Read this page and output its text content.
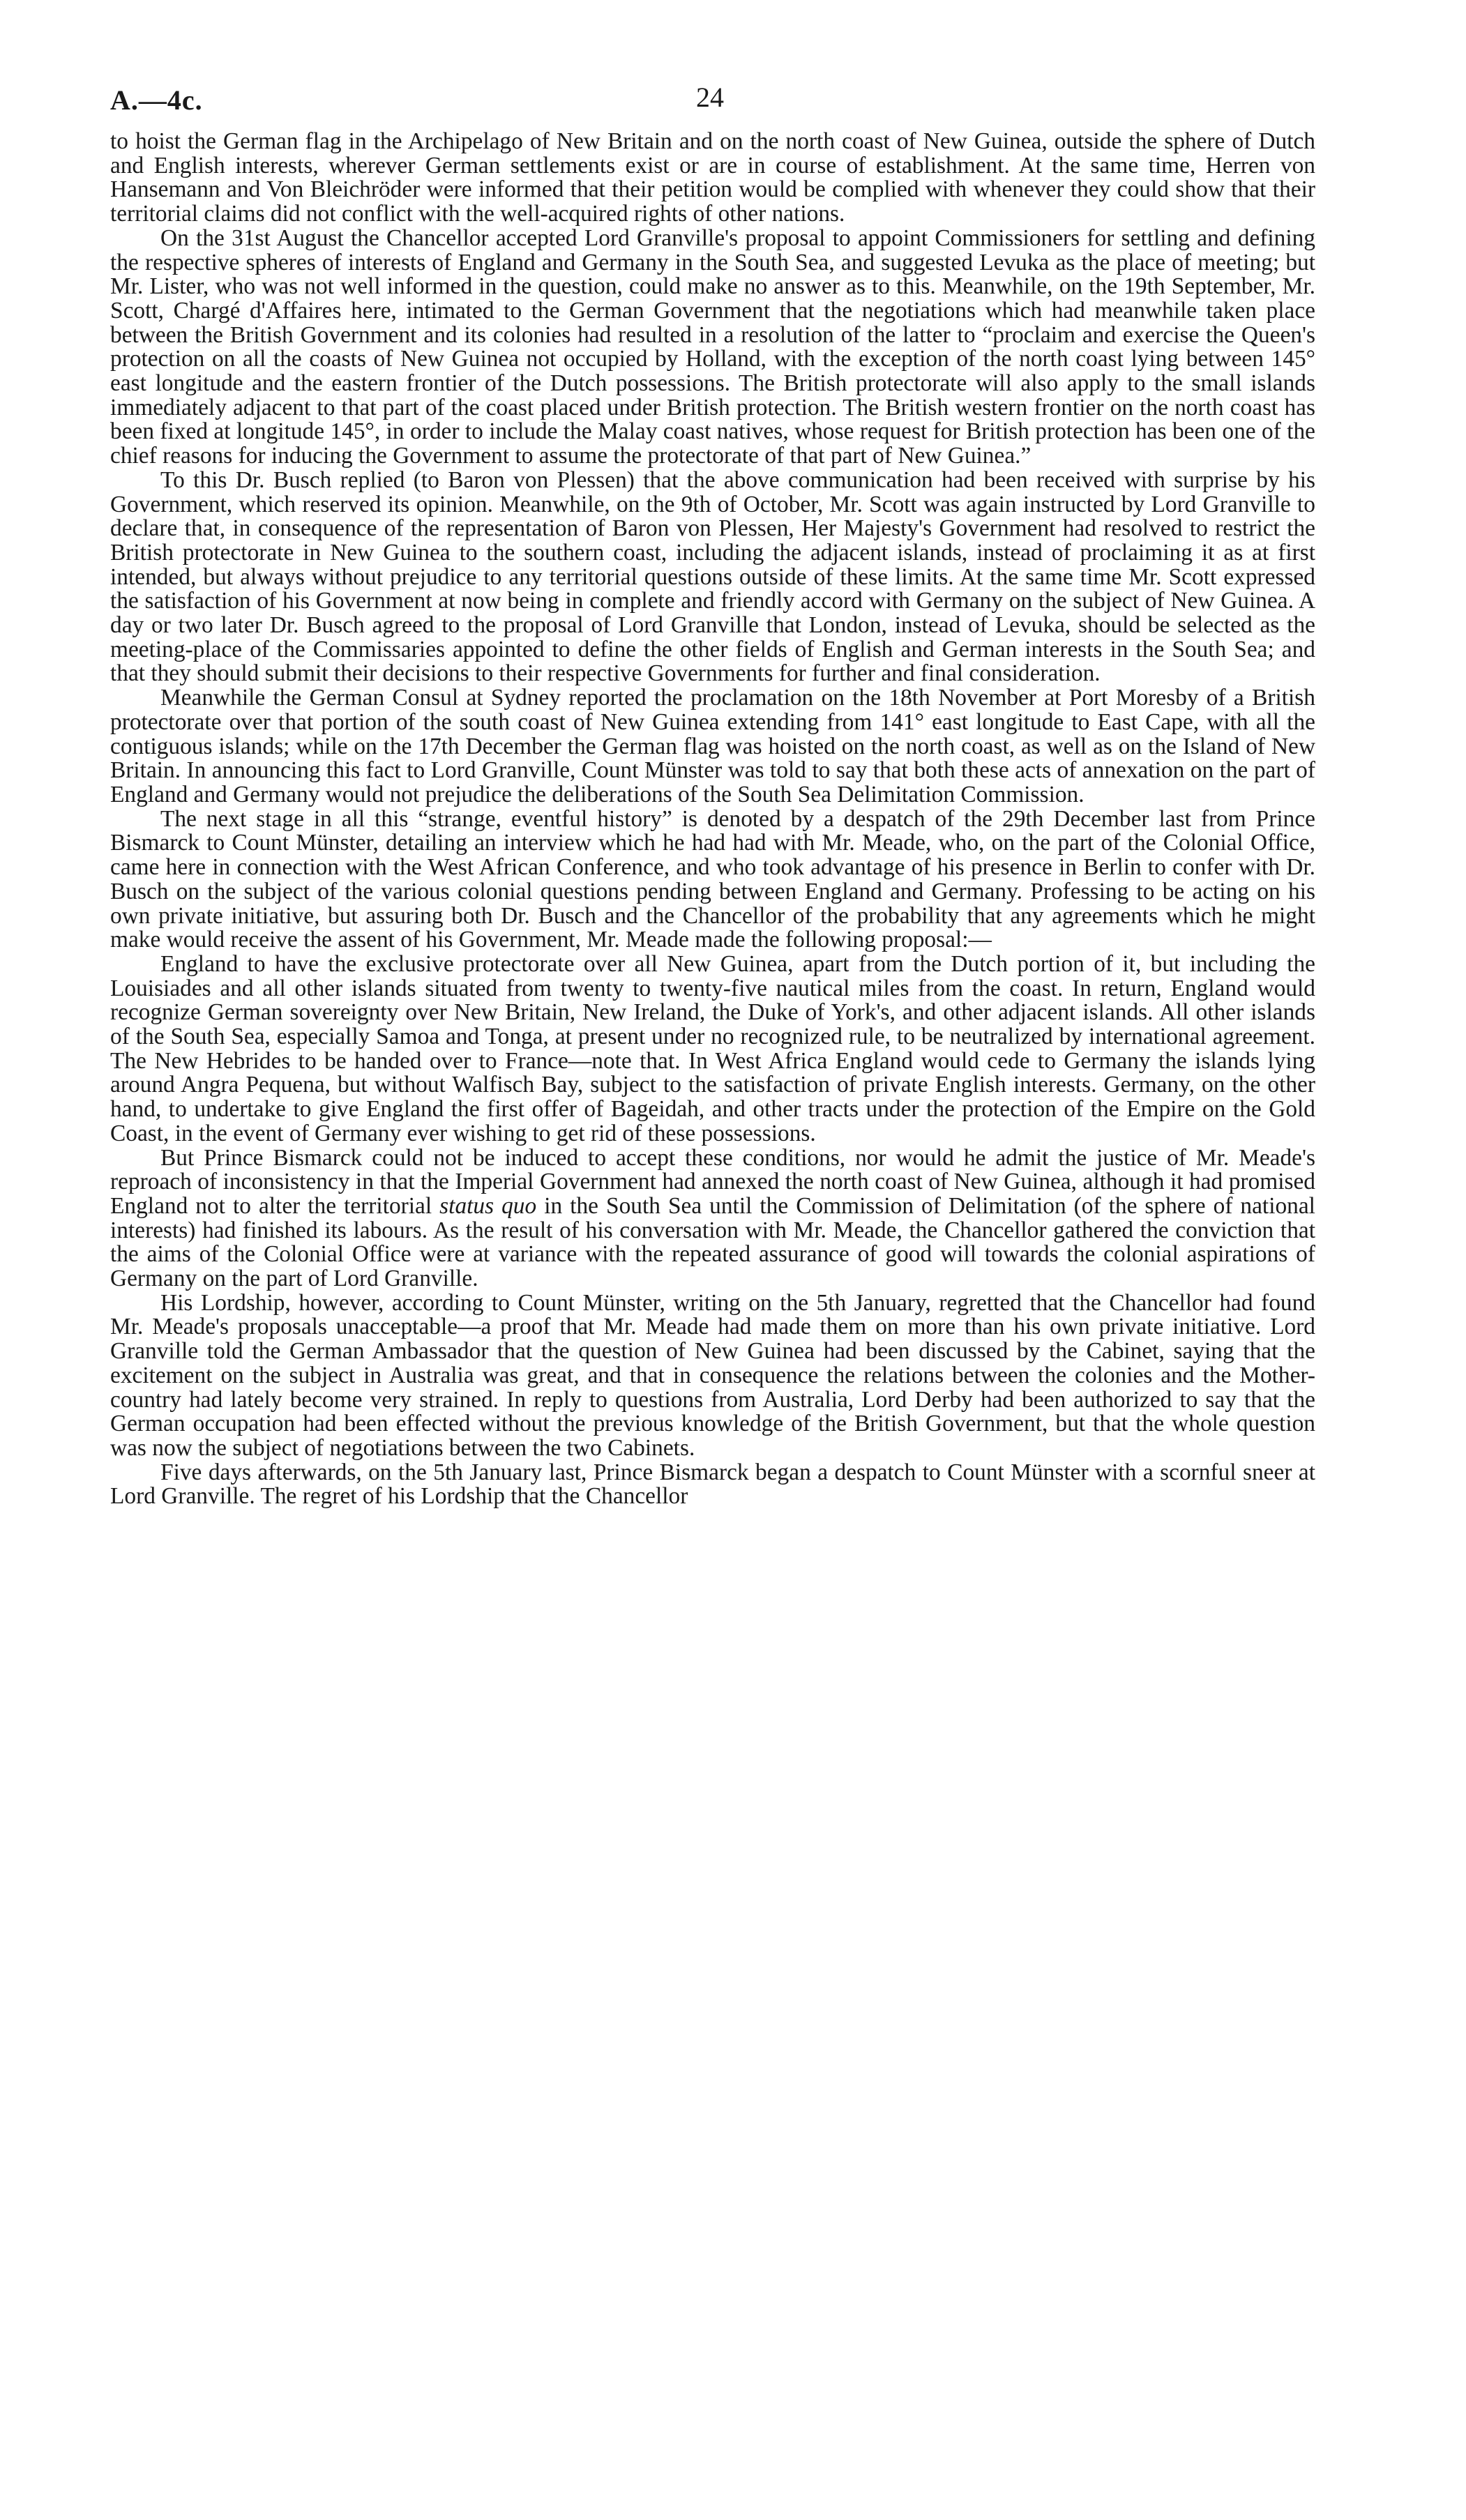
A.—4c.	24

to hoist the German flag in the Archipelago of New Britain and on the north coast of New Guinea, outside the sphere of Dutch and English interests, wherever German settlements exist or are in course of establishment. At the same time, Herren von Hansemann and Von Bleichröder were informed that their petition would be complied with whenever they could show that their territorial claims did not conflict with the well-acquired rights of other nations.

On the 31st August the Chancellor accepted Lord Granville's proposal to appoint Commissioners for settling and defining the respective spheres of interests of England and Germany in the South Sea, and suggested Levuka as the place of meeting; but Mr. Lister, who was not well informed in the question, could make no answer as to this. Meanwhile, on the 19th September, Mr. Scott, Chargé d'Affaires here, intimated to the German Government that the negotiations which had meanwhile taken place between the British Government and its colonies had resulted in a resolution of the latter to “proclaim and exercise the Queen's protection on all the coasts of New Guinea not occupied by Holland, with the exception of the north coast lying between 145° east longitude and the eastern frontier of the Dutch possessions. The British protectorate will also apply to the small islands immediately adjacent to that part of the coast placed under British protection. The British western frontier on the north coast has been fixed at longitude 145°, in order to include the Malay coast natives, whose request for British protection has been one of the chief reasons for inducing the Government to assume the protectorate of that part of New Guinea.”

To this Dr. Busch replied (to Baron von Plessen) that the above communication had been received with surprise by his Government, which reserved its opinion. Meanwhile, on the 9th of October, Mr. Scott was again instructed by Lord Granville to declare that, in consequence of the representation of Baron von Plessen, Her Majesty's Government had resolved to restrict the British protectorate in New Guinea to the southern coast, including the adjacent islands, instead of proclaiming it as at first intended, but always without prejudice to any territorial questions outside of these limits. At the same time Mr. Scott expressed the satisfaction of his Government at now being in complete and friendly accord with Germany on the subject of New Guinea. A day or two later Dr. Busch agreed to the proposal of Lord Granville that London, instead of Levuka, should be selected as the meeting-place of the Commissaries appointed to define the other fields of English and German interests in the South Sea; and that they should submit their decisions to their respective Governments for further and final consideration.

Meanwhile the German Consul at Sydney reported the proclamation on the 18th November at Port Moresby of a British protectorate over that portion of the south coast of New Guinea extending from 141° east longitude to East Cape, with all the contiguous islands; while on the 17th December the German flag was hoisted on the north coast, as well as on the Island of New Britain. In announcing this fact to Lord Granville, Count Münster was told to say that both these acts of annexation on the part of England and Germany would not prejudice the deliberations of the South Sea Delimitation Commission.

The next stage in all this “strange, eventful history” is denoted by a despatch of the 29th December last from Prince Bismarck to Count Münster, detailing an interview which he had had with Mr. Meade, who, on the part of the Colonial Office, came here in connection with the West African Conference, and who took advantage of his presence in Berlin to confer with Dr. Busch on the subject of the various colonial questions pending between England and Germany. Professing to be acting on his own private initiative, but assuring both Dr. Busch and the Chancellor of the probability that any agreements which he might make would receive the assent of his Government, Mr. Meade made the following proposal:—

England to have the exclusive protectorate over all New Guinea, apart from the Dutch portion of it, but including the Louisiades and all other islands situated from twenty to twenty-five nautical miles from the coast. In return, England would recognize German sovereignty over New Britain, New Ireland, the Duke of York's, and other adjacent islands. All other islands of the South Sea, especially Samoa and Tonga, at present under no recognized rule, to be neutralized by international agreement. The New Hebrides to be handed over to France—note that. In West Africa England would cede to Germany the islands lying around Angra Pequena, but without Walfisch Bay, subject to the satisfaction of private English interests. Germany, on the other hand, to undertake to give England the first offer of Bageidah, and other tracts under the protection of the Empire on the Gold Coast, in the event of Germany ever wishing to get rid of these possessions.

But Prince Bismarck could not be induced to accept these conditions, nor would he admit the justice of Mr. Meade's reproach of inconsistency in that the Imperial Government had annexed the north coast of New Guinea, although it had promised England not to alter the territorial status quo in the South Sea until the Commission of Delimitation (of the sphere of national interests) had finished its labours. As the result of his conversation with Mr. Meade, the Chancellor gathered the conviction that the aims of the Colonial Office were at variance with the repeated assurance of good will towards the colonial aspirations of Germany on the part of Lord Granville.

His Lordship, however, according to Count Münster, writing on the 5th January, regretted that the Chancellor had found Mr. Meade's proposals unacceptable—a proof that Mr. Meade had made them on more than his own private initiative. Lord Granville told the German Ambassador that the question of New Guinea had been discussed by the Cabinet, saying that the excitement on the subject in Australia was great, and that in consequence the relations between the colonies and the Mother-country had lately become very strained. In reply to questions from Australia, Lord Derby had been authorized to say that the German occupation had been effected without the previous knowledge of the British Government, but that the whole question was now the subject of negotiations between the two Cabinets.

Five days afterwards, on the 5th January last, Prince Bismarck began a despatch to Count Münster with a scornful sneer at Lord Granville. The regret of his Lordship that the Chancellor
